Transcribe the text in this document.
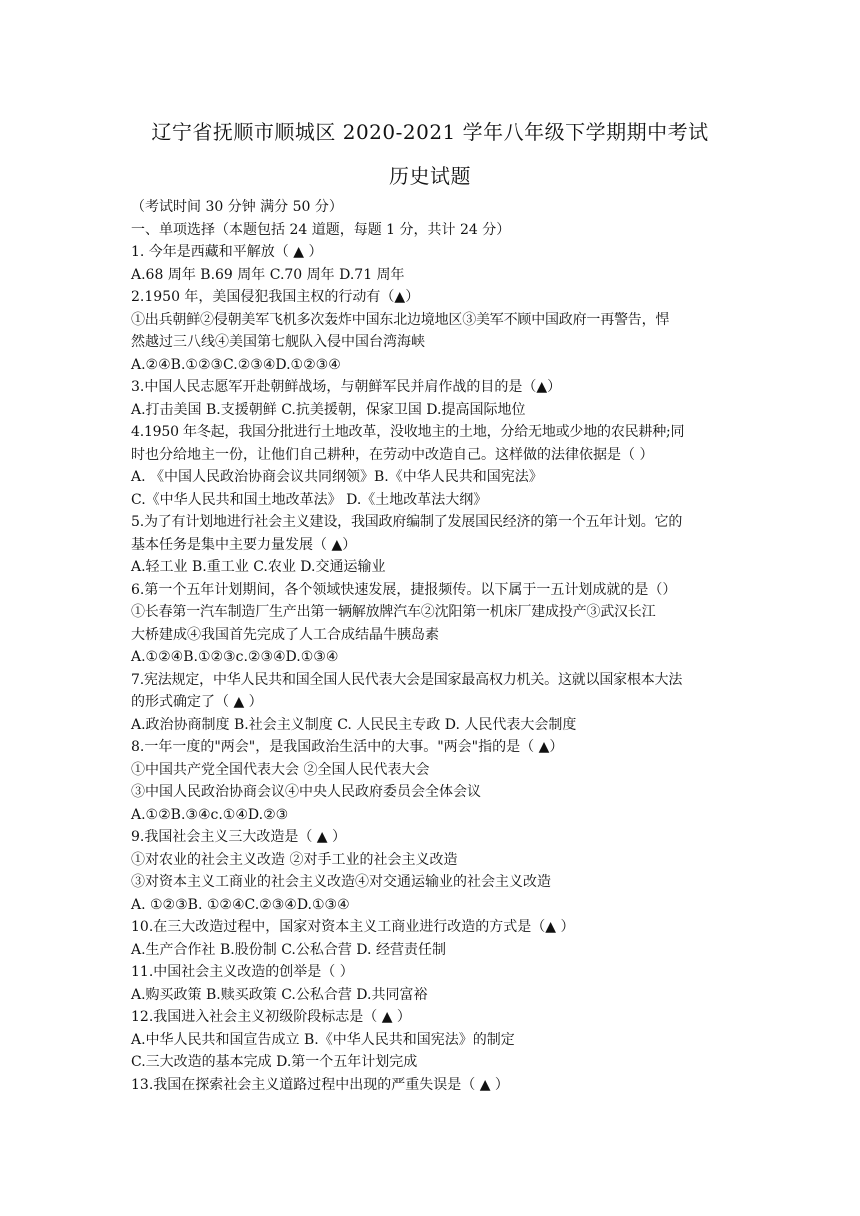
辽宁省抚顺市顺城区 2020-2021 学年八年级下学期期中考试
历史试题
（考试时间 30 分钟 满分 50 分）
一、单项选择（本题包括 24 道题，每题 1 分，共计 24 分）
1. 今年是西藏和平解放（ ▲ ）
A.68 周年 B.69 周年 C.70 周年 D.71 周年
2.1950 年，美国侵犯我国主权的行动有（▲）
①出兵朝鲜②侵朝美军飞机多次轰炸中国东北边境地区③美军不顾中国政府一再警告，悍
然越过三八线④美国第七舰队入侵中国台湾海峡
A.②④B.①②③C.②③④D.①②③④
3.中国人民志愿军开赴朝鲜战场，与朝鲜军民并肩作战的目的是（▲）
A.打击美国 B.支援朝鲜 C.抗美援朝，保家卫国 D.提高国际地位
4.1950 年冬起，我国分批进行土地改革，没收地主的土地，分给无地或少地的农民耕种;同
时也分给地主一份，让他们自己耕种，在劳动中改造自己。这样做的法律依据是（ ）
A. 《中国人民政治协商会议共同纲领》B.《中华人民共和国宪法》
C.《中华人民共和国土地改革法》 D.《土地改革法大纲》
5.为了有计划地进行社会主义建设，我国政府编制了发展国民经济的第一个五年计划。它的
基本任务是集中主要力量发展（ ▲）
A.轻工业 B.重工业 C.农业 D.交通运输业
6.第一个五年计划期间，各个领域快速发展，捷报频传。以下属于一五计划成就的是（）
①长春第一汽车制造厂生产出第一辆解放牌汽车②沈阳第一机床厂建成投产③武汉长江
大桥建成④我国首先完成了人工合成结晶牛胰岛素
A.①②④B.①②③c.②③④D.①③④
7.宪法规定，中华人民共和国全国人民代表大会是国家最高权力机关。这就以国家根本大法
的形式确定了（ ▲ ）
A.政治协商制度 B.社会主义制度 C. 人民民主专政 D. 人民代表大会制度
8.一年一度的"两会"，是我国政治生活中的大事。"两会"指的是（ ▲）
①中国共产党全国代表大会 ②全国人民代表大会
③中国人民政治协商会议④中央人民政府委员会全体会议
A.①②B.③④c.①④D.②③
9.我国社会主义三大改造是（ ▲ ）
①对农业的社会主义改造 ②对手工业的社会主义改造
③对资本主义工商业的社会主义改造④对交通运输业的社会主义改造
A. ①②③B. ①②④C.②③④D.①③④
10.在三大改造过程中，国家对资本主义工商业进行改造的方式是（▲ ）
A.生产合作社 B.股份制 C.公私合营 D. 经营责任制
11.中国社会主义改造的创举是（ ）
A.购买政策 B.赎买政策 C.公私合营 D.共同富裕
12.我国进入社会主义初级阶段标志是（ ▲ ）
A.中华人民共和国宣告成立 B.《中华人民共和国宪法》的制定
C.三大改造的基本完成 D.第一个五年计划完成
13.我国在探索社会主义道路过程中出现的严重失误是（ ▲ ）
